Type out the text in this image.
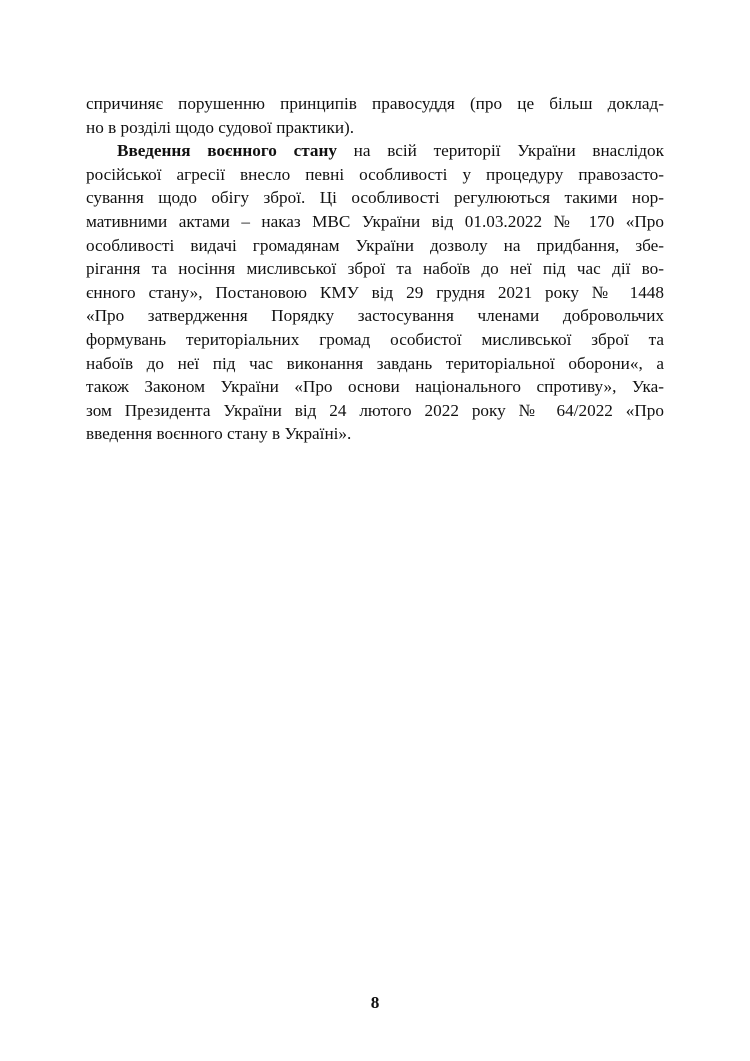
спричиняє порушенню принципів правосуддя (про це більш доклад-
но в розділі щодо судової практики).

Введення воєнного стану на всій території України внаслідок
російської агресії внесло певні особливості у процедуру правозасто-
сування щодо обігу зброї. Ці особливості регулюються такими нор-
мативними актами – наказ МВС України від 01.03.2022 № 170 «Про
особливості видачі громадянам України дозволу на придбання, збе-
рігання та носіння мисливської зброї та набоїв до неї під час дії во-
єнного стану», Постановою КМУ від 29 грудня 2021 року № 1448
«Про затвердження Порядку застосування членами добровольчих
формувань територіальних громад особистої мисливської зброї та
набоїв до неї під час виконання завдань територіальної оборони«, а
також Законом України «Про основи національного спротиву», Ука-
зом Президента України від 24 лютого 2022 року № 64/2022 «Про
введення воєнного стану в Україні».

8
